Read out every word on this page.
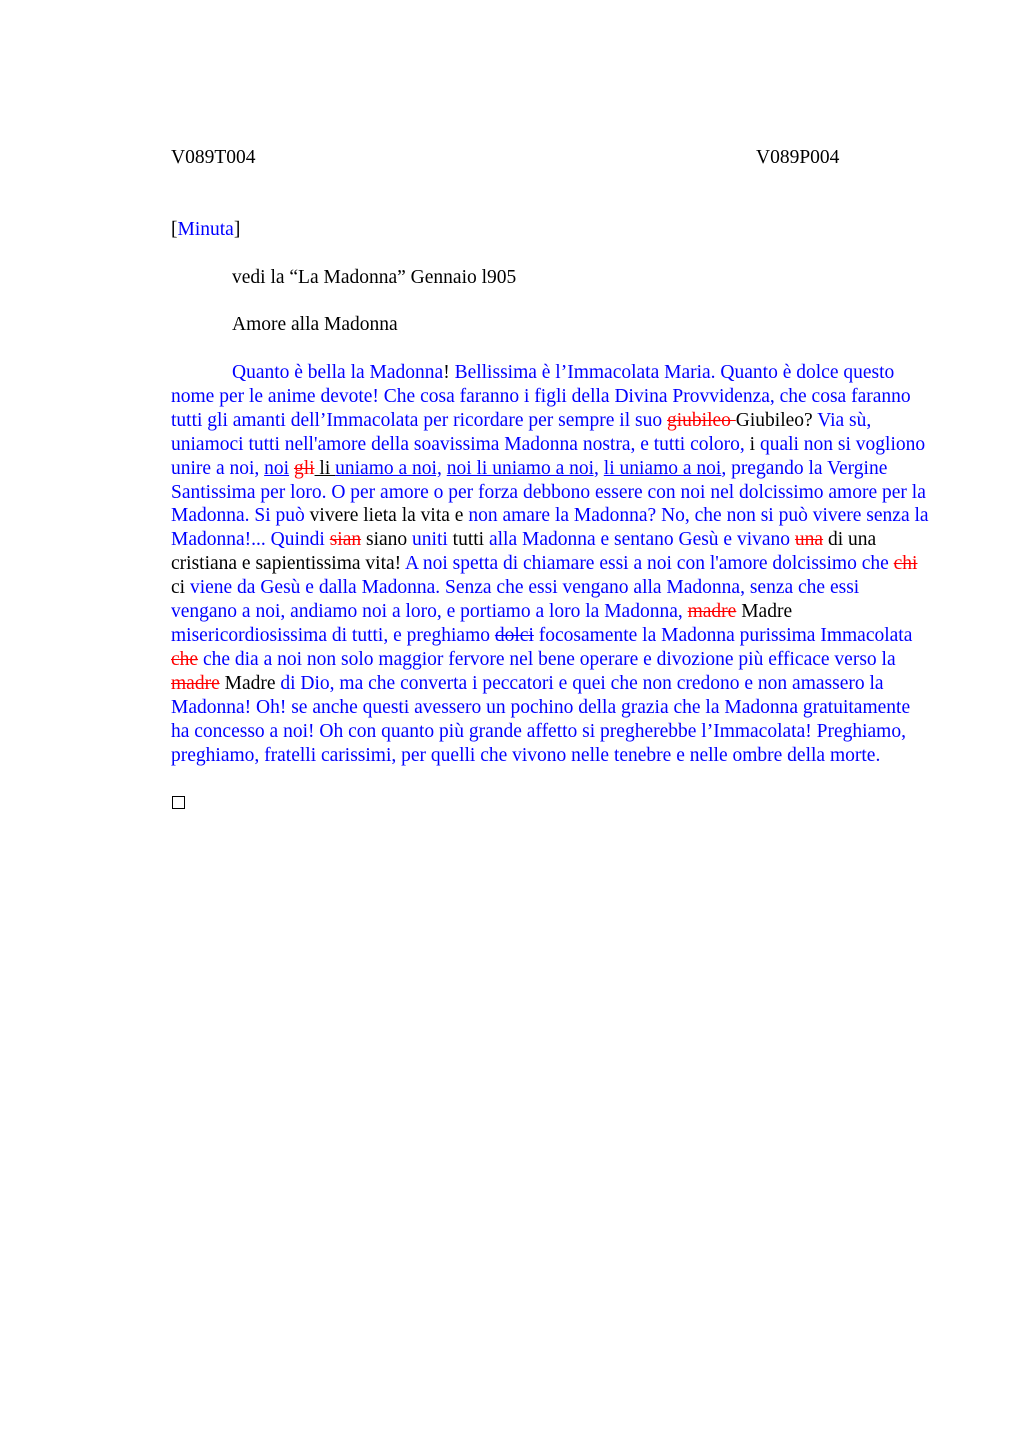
V089T004	V089P004
[Minuta]
vedi la “La Madonna” Gennaio l905
Amore alla Madonna

Quanto è bella la Madonna! Bellissima è l’Immacolata Maria. Quanto è dolce questo nome per le anime devote! Che cosa faranno i figli della Divina Provvidenza, che cosa faranno tutti gli amanti dell’Immacolata per ricordare per sempre il suo giubileo Giubileo? Via sù, uniamoci tutti nell'amore della soavissima Madonna nostra, e tutti coloro, i quali non si vogliono unire a noi, noi gli li uniamo a noi, noi li uniamo a noi, li uniamo a noi, pregando la Vergine Santissima per loro. O per amore o per forza debbono essere con noi nel dolcissimo amore per la Madonna. Si può vivere lieta la vita e non amare la Madonna? No, che non si può vivere senza la Madonna!... Quindi sian siano uniti tutti alla Madonna e sentano Gesù e vivano una di una cristiana e sapientissima vita! A noi spetta di chiamare essi a noi con l'amore dolcissimo che chi ci viene da Gesù e dalla Madonna. Senza che essi vengano alla Madonna, senza che essi vengano a noi, andiamo noi a loro, e portiamo a loro la Madonna, madre Madre misericordiosissima di tutti, e preghiamo dolci focosamente la Madonna purissima Immacolata che che dia a noi non solo maggior fervore nel bene operare e divozione più efficace verso la madre Madre di Dio, ma che converta i peccatori e quei che non credono e non amassero la Madonna! Oh! se anche questi avessero un pochino della grazia che la Madonna gratuitamente ha concesso a noi! Oh con quanto più grande affetto si pregherebbe l’Immacolata! Preghiamo, preghiamo, fratelli carissimi, per quelli che vivono nelle tenebre e nelle ombre della morte.
